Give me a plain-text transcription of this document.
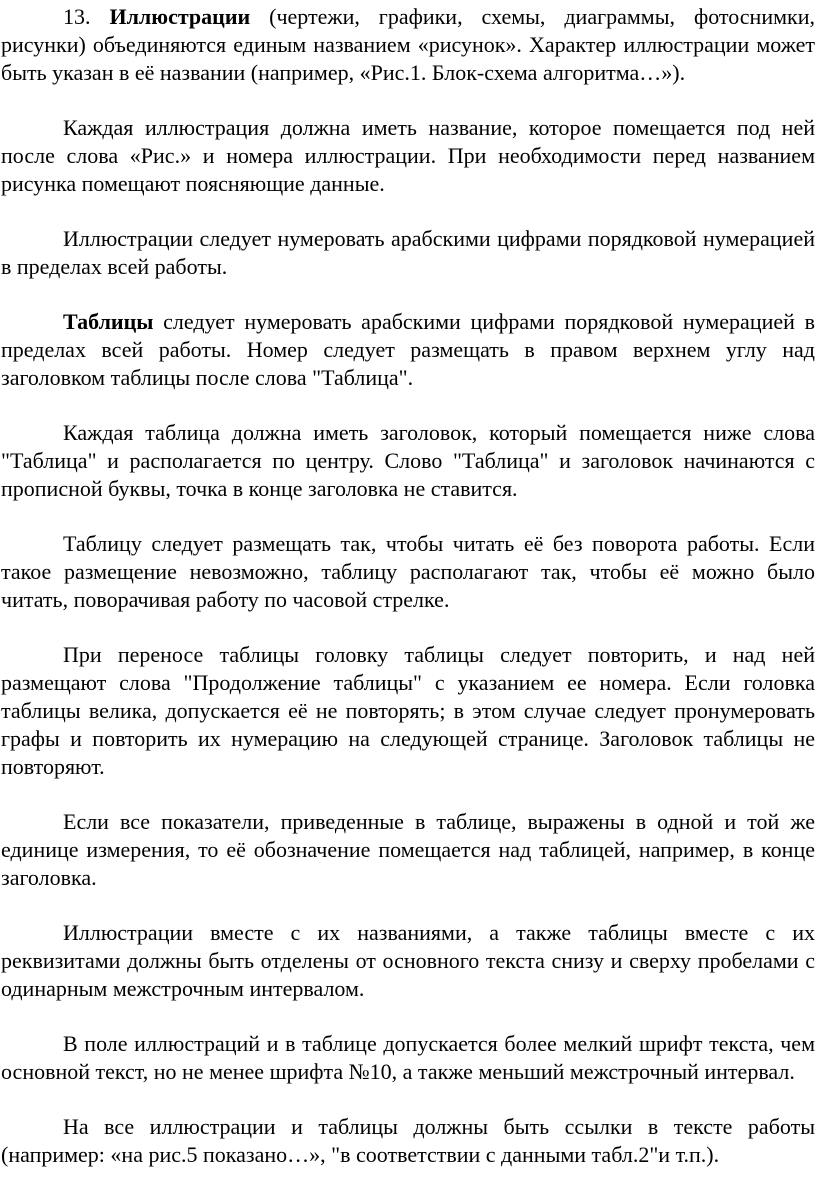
13. Иллюстрации (чертежи, графики, схемы, диаграммы, фотоснимки, рисунки) объединяются единым названием «рисунок». Характер иллюстрации может быть указан в её названии (например, «Рис.1. Блок-схема алгоритма…»).

Каждая иллюстрация должна иметь название, которое помещается под ней после слова «Рис.» и номера иллюстрации. При необходимости перед названием рисунка помещают поясняющие данные.

Иллюстрации следует нумеровать арабскими цифрами порядковой нумерацией в пределах всей работы.

Таблицы следует нумеровать арабскими цифрами порядковой нумерацией в пределах всей работы. Номер следует размещать в правом верхнем углу над заголовком таблицы после слова "Таблица".

Каждая таблица должна иметь заголовок, который помещается ниже слова "Таблица" и располагается по центру. Слово "Таблица" и заголовок начинаются с прописной буквы, точка в конце заголовка не ставится.

Таблицу следует размещать так, чтобы читать её без поворота работы. Если такое размещение невозможно, таблицу располагают так, чтобы её можно было читать, поворачивая работу по часовой стрелке.

При переносе таблицы головку таблицы следует повторить, и над ней размещают слова "Продолжение таблицы" с указанием ее номера. Если головка таблицы велика, допускается её не повторять; в этом случае следует пронумеровать графы и повторить их нумерацию на следующей странице. Заголовок таблицы не повторяют.

Если все показатели, приведенные в таблице, выражены в одной и той же единице измерения, то её обозначение помещается над таблицей, например, в конце заголовка.

Иллюстрации вместе с их названиями, а также таблицы вместе с их реквизитами должны быть отделены от основного текста снизу и сверху пробелами с одинарным межстрочным интервалом.

В поле иллюстраций и в таблице допускается более мелкий шрифт текста, чем основной текст, но не менее шрифта №10, а также меньший межстрочный интервал.

На все иллюстрации и таблицы должны быть ссылки в тексте работы (например: «на рис.5 показано…», "в соответствии с данными табл.2"и т.п.).
